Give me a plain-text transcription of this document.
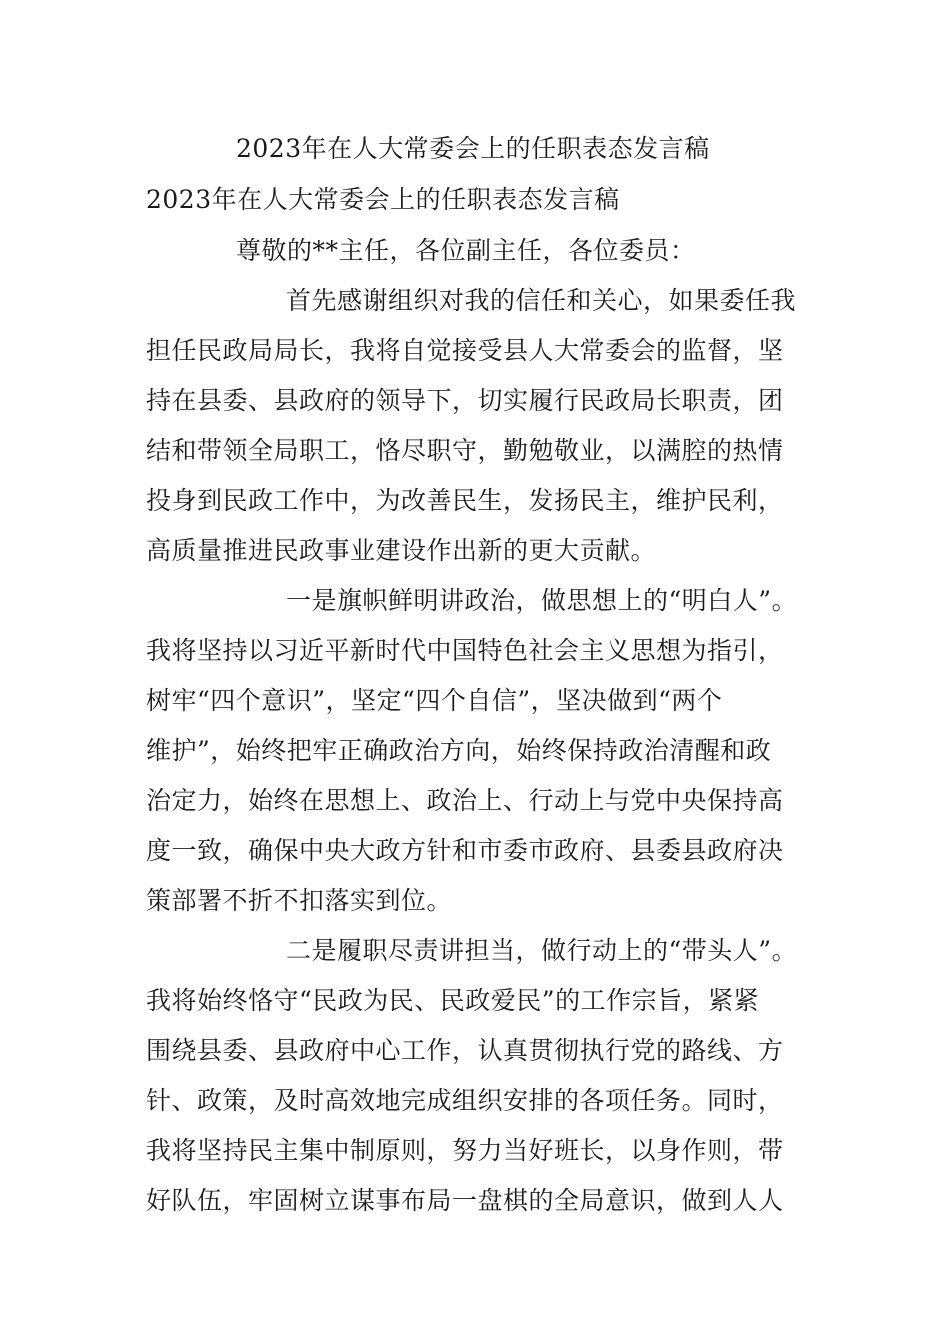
2023年在人大常委会上的任职表态发言稿
2023年在人大常委会上的任职表态发言稿
尊敬的**主任，各位副主任，各位委员：
首先感谢组织对我的信任和关心，如果委任我
担任民政局局长，我将自觉接受县人大常委会的监督，坚
持在县委、县政府的领导下，切实履行民政局长职责，团
结和带领全局职工，恪尽职守，勤勉敬业，以满腔的热情
投身到民政工作中，为改善民生，发扬民主，维护民利，
高质量推进民政事业建设作出新的更大贡献。
一是旗帜鲜明讲政治，做思想上的“明白人”。
我将坚持以习近平新时代中国特色社会主义思想为指引，
树牢“四个意识”，坚定“四个自信”，坚决做到“两个
维护”，始终把牢正确政治方向，始终保持政治清醒和政
治定力，始终在思想上、政治上、行动上与党中央保持高
度一致，确保中央大政方针和市委市政府、县委县政府决
策部署不折不扣落实到位。
二是履职尽责讲担当，做行动上的“带头人”。
我将始终恪守“民政为民、民政爱民”的工作宗旨，紧紧
围绕县委、县政府中心工作，认真贯彻执行党的路线、方
针、政策，及时高效地完成组织安排的各项任务。同时，
我将坚持民主集中制原则，努力当好班长，以身作则，带
好队伍，牢固树立谋事布局一盘棋的全局意识，做到人人
